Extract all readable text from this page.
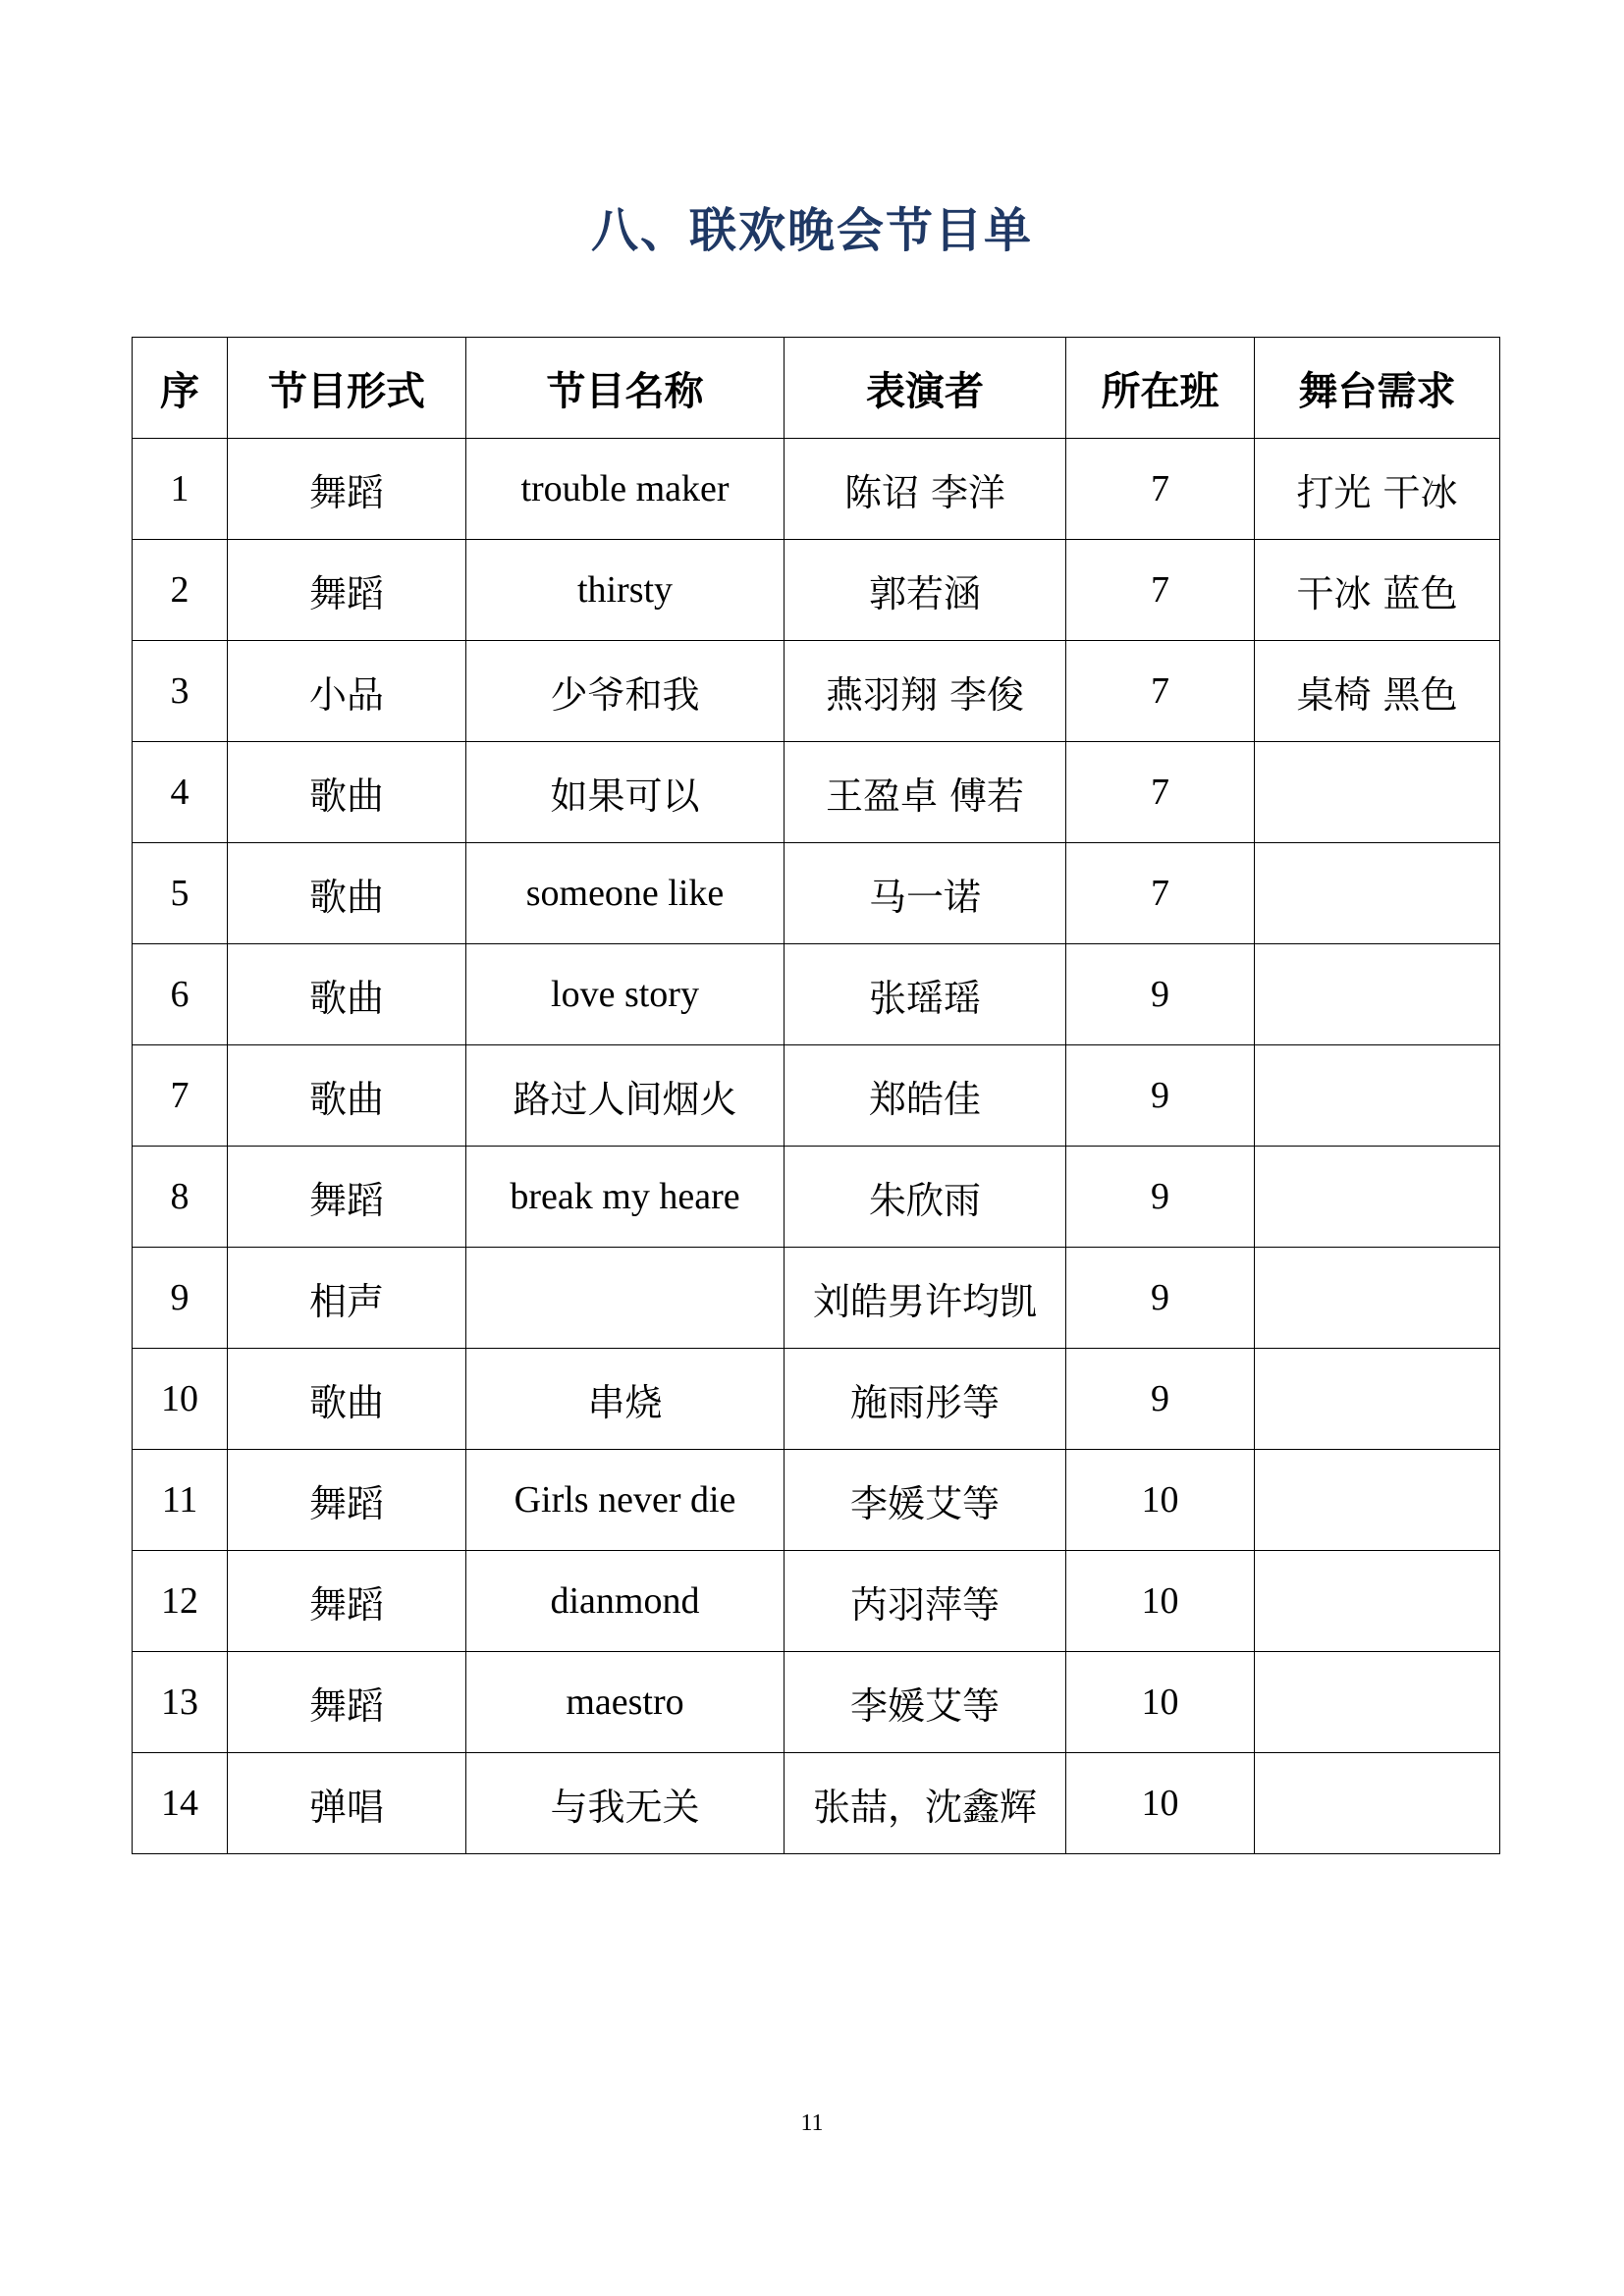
八、联欢晚会节目单
序	节目形式	节目名称	表演者	所在班	舞台需求
1	舞蹈	trouble maker	陈诏 李洋	7	打光 干冰
2	舞蹈	thirsty	郭若涵	7	干冰 蓝色
3	小品	少爷和我	燕羽翔 李俊	7	桌椅 黑色
4	歌曲	如果可以	王盈卓 傅若	7	
5	歌曲	someone like	马一诺	7	
6	歌曲	love story	张瑶瑶	9	
7	歌曲	路过人间烟火	郑皓佳	9	
8	舞蹈	break my heare	朱欣雨	9	
9	相声		刘皓男许均凯	9	
10	歌曲	串烧	施雨彤等	9	
11	舞蹈	Girls never die	李媛艾等	10	
12	舞蹈	dianmond	芮羽萍等	10	
13	舞蹈	maestro	李媛艾等	10	
14	弹唱	与我无关	张喆，沈鑫辉	10	
11
